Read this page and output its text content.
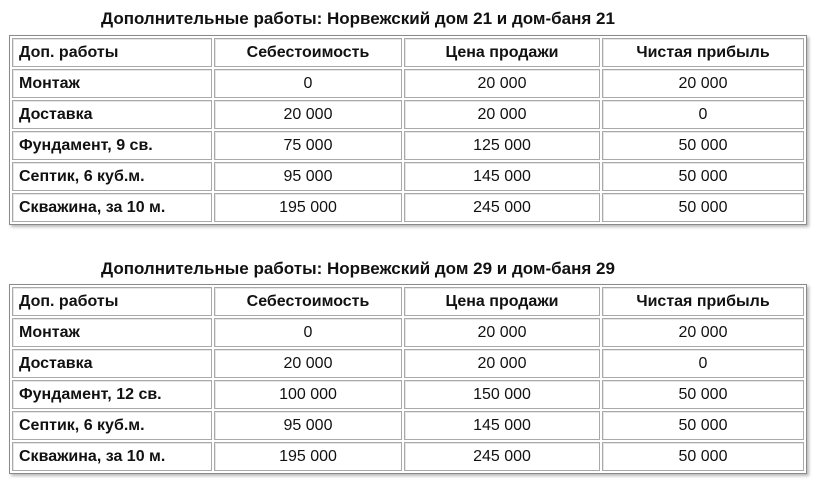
Дополнительные работы: Норвежский дом 21 и дом-баня 21
Доп. работы	Себестоимость	Цена продажи	Чистая прибыль
Монтаж	0	20 000	20 000
Доставка	20 000	20 000	0
Фундамент, 9 св.	75 000	125 000	50 000
Септик, 6 куб.м.	95 000	145 000	50 000
Скважина, за 10 м.	195 000	245 000	50 000
Дополнительные работы: Норвежский дом 29 и дом-баня 29
Доп. работы	Себестоимость	Цена продажи	Чистая прибыль
Монтаж	0	20 000	20 000
Доставка	20 000	20 000	0
Фундамент, 12 св.	100 000	150 000	50 000
Септик, 6 куб.м.	95 000	145 000	50 000
Скважина, за 10 м.	195 000	245 000	50 000
